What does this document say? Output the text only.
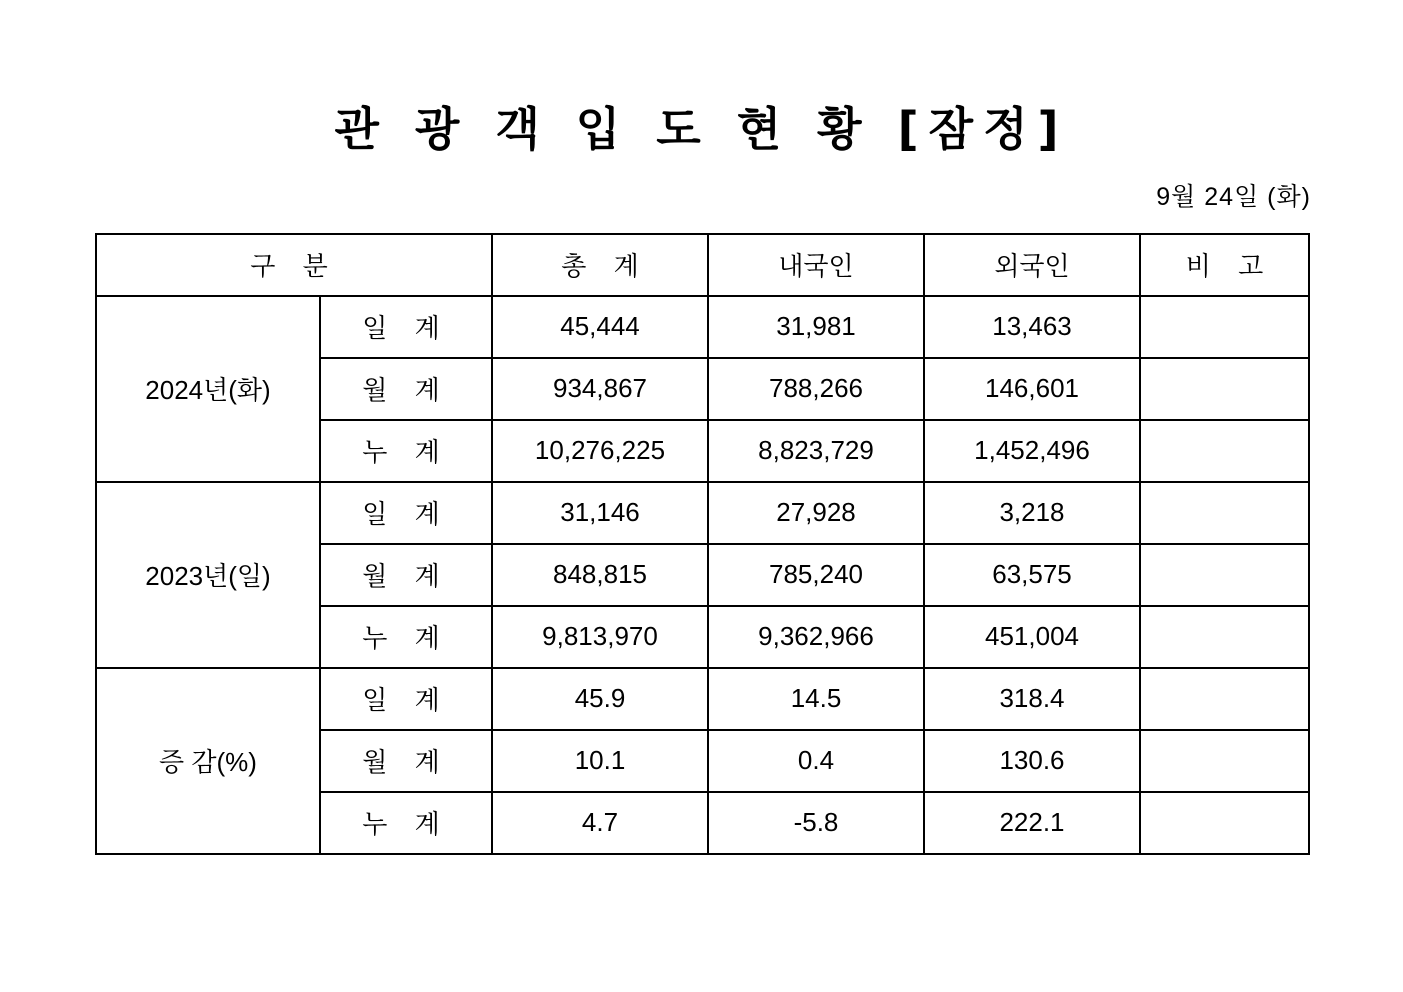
관 광 객 입 도 현 황 [잠정]
9월 24일 (화)
구 분		총 계	내국인	외국인	비 고
2024년(화)	일 계	45,444	31,981	13,463	
	월 계	934,867	788,266	146,601	
	누 계	10,276,225	8,823,729	1,452,496	
2023년(일)	일 계	31,146	27,928	3,218	
	월 계	848,815	785,240	63,575	
	누 계	9,813,970	9,362,966	451,004	
증 감(%)	일 계	45.9	14.5	318.4	
	월 계	10.1	0.4	130.6	
	누 계	4.7	-5.8	222.1	
